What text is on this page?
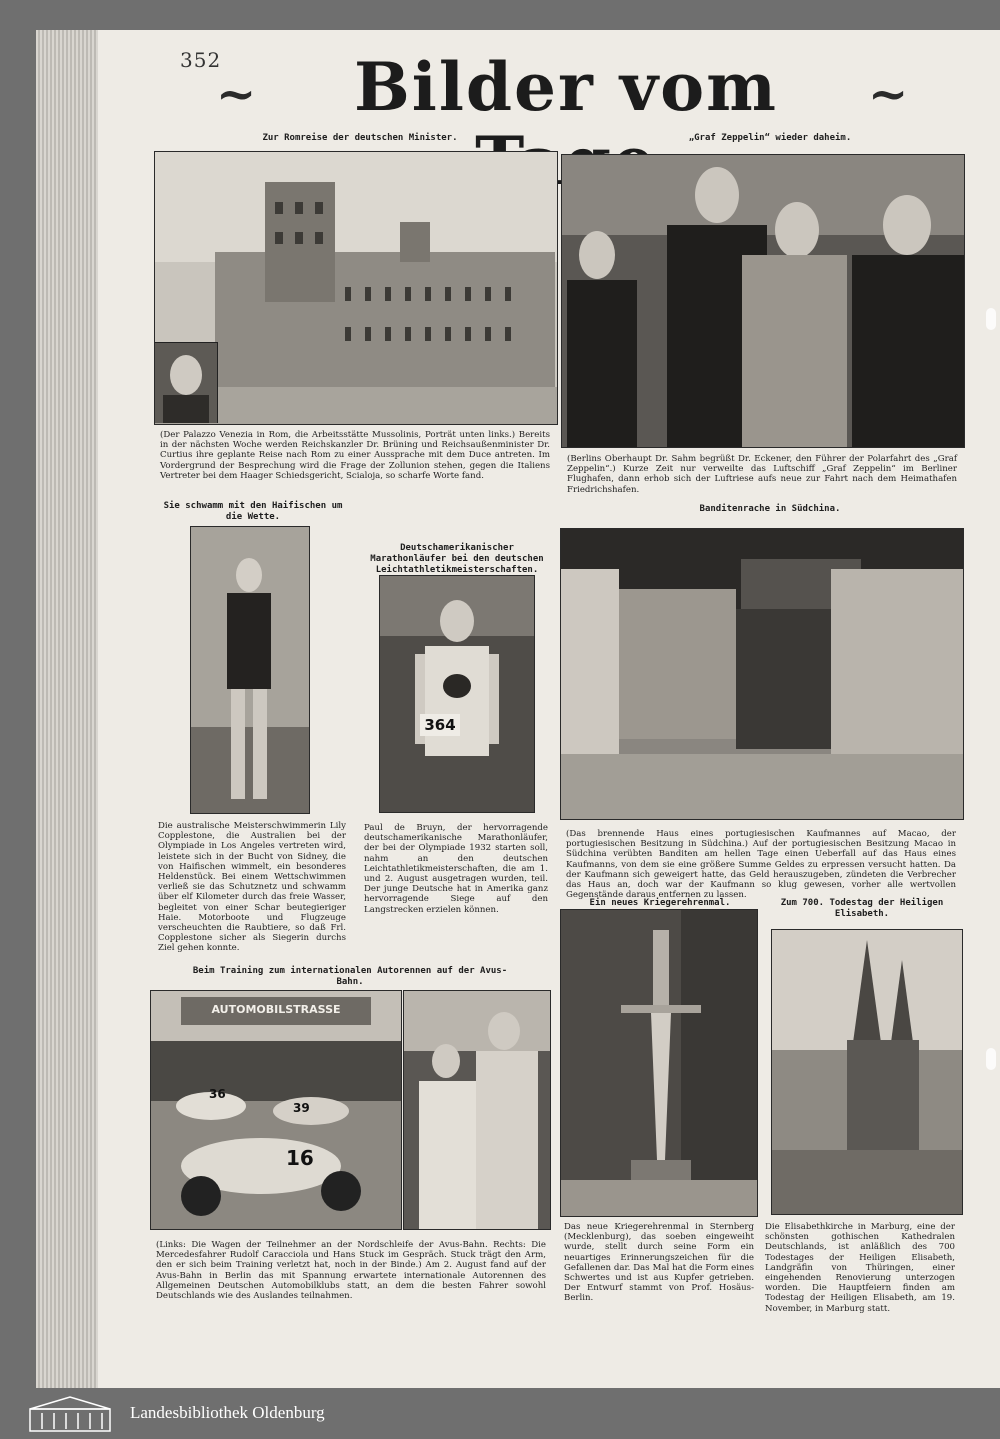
352
~	Bilder vom	~
Zur Romreise der deutschen Minister.
(Der Palazzo Venezia in Rom, die Arbeitsstätte Mussolinis, Porträt unten links.) Bereits in der nächsten Woche werden Reichskanzler Dr. Brüning und Reichsaußenminister Dr. Curtius ihre geplante Reise nach Rom zu einer Aussprache mit dem Duce antreten. Im Vordergrund der Besprechung wird die Frage der Zollunion stehen, gegen die Italiens Vertreter bei dem Haager Schiedsgericht, Scialoja, so scharfe Worte fand.
„Graf Zeppelin“ wieder daheim.
(Berlins Oberhaupt Dr. Sahm begrüßt Dr. Eckener, den Führer der Polarfahrt des „Graf Zeppelin“.) Kurze Zeit nur verweilte das Luftschiff „Graf Zeppelin“ im Berliner Flughafen, dann erhob sich der Luftriese aufs neue zur Fahrt nach dem Heimathafen Friedrichshafen.
Sie schwamm mit den Haifischen um die Wette.
Die australische Meisterschwimmerin Lily Copplestone, die Australien bei der Olympiade in Los Angeles vertreten wird, leistete sich in der Bucht von Sidney, die von Haifischen wimmelt, ein besonderes Heldenstück. Bei einem Wettschwimmen verließ sie das Schutznetz und schwamm über elf Kilometer durch das freie Wasser, begleitet von einer Schar beutegieriger Haie. Motorboote und Flugzeuge verscheuchten die Raubtiere, so daß Frl. Copplestone sicher als Siegerin durchs Ziel gehen konnte.
Deutschamerikanischer Marathonläufer bei den deutschen Leichtathletikmeisterschaften.
364
Paul de Bruyn, der hervorragende deutschamerikanische Marathonläufer, der bei der Olympiade 1932 starten soll, nahm an den deutschen Leichtathletikmeisterschaften, die am 1. und 2. August ausgetragen wurden, teil. Der junge Deutsche hat in Amerika ganz hervorragende Siege auf den Langstrecken erzielen können.
Banditenrache in Südchina.
(Das brennende Haus eines portugiesischen Kaufmannes auf Macao, der portugiesischen Besitzung in Südchina.) Auf der portugiesischen Besitzung Macao in Südchina verübten Banditen am hellen Tage einen Ueberfall auf das Haus eines Kaufmanns, von dem sie eine größere Summe Geldes zu erpressen versucht hatten. Da der Kaufmann sich geweigert hatte, das Geld herauszugeben, zündeten die Verbrecher das Haus an, doch war der Kaufmann so klug gewesen, vorher alle wertvollen Gegenstände daraus entfernen zu lassen.
Beim Training zum internationalen Autorennen auf der Avus-Bahn.
AUTOMOBILSTRASSE
36
39
16
(Links: Die Wagen der Teilnehmer an der Nordschleife der Avus-Bahn. Rechts: Die Mercedesfahrer Rudolf Caracciola und Hans Stuck im Gespräch. Stuck trägt den Arm, den er sich beim Training verletzt hat, noch in der Binde.) Am 2. August fand auf der Avus-Bahn in Berlin das mit Spannung erwartete internationale Autorennen des Allgemeinen Deutschen Automobilklubs statt, an dem die besten Fahrer sowohl Deutschlands wie des Auslandes teilnahmen.
Ein neues Kriegerehrenmal.
Das neue Kriegerehrenmal in Sternberg (Mecklenburg), das soeben eingeweiht wurde, stellt durch seine Form ein neuartiges Erinnerungszeichen für die Gefallenen dar. Das Mal hat die Form eines Schwertes und ist aus Kupfer getrieben. Der Entwurf stammt von Prof. Hosäus-Berlin.
Zum 700. Todestag der Heiligen Elisabeth.
Die Elisabethkirche in Marburg, eine der schönsten gothischen Kathedralen Deutschlands, ist anläßlich des 700 Todestages der Heiligen Elisabeth, Landgräfin von Thüringen, einer eingehenden Renovierung unterzogen worden. Die Hauptfeiern finden am Todestag der Heiligen Elisabeth, am 19. November, in Marburg statt.
Landesbibliothek Oldenburg
